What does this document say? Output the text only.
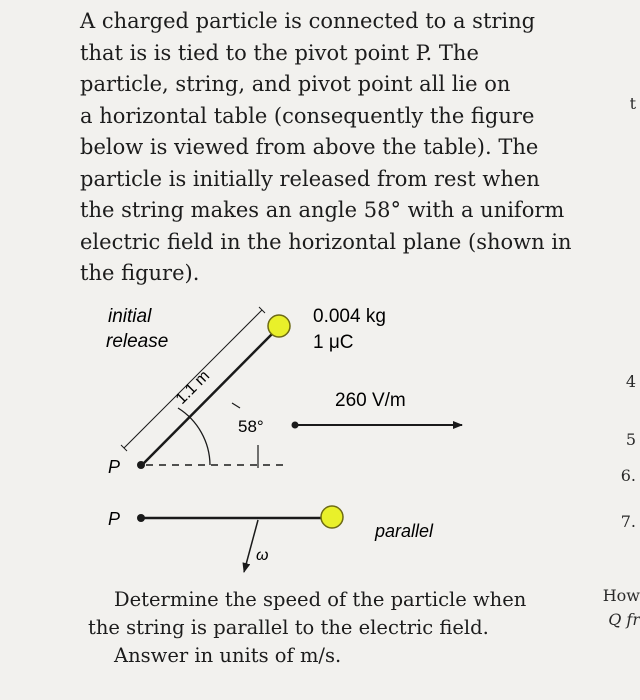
A charged particle is connected to a string
that is is tied to the pivot point P. The
particle, string, and pivot point all lie on
a horizontal table (consequently the figure
below is viewed from above the table). The
particle is initially released from rest when
the string makes an angle 58° with a uniform
electric field in the horizontal plane (shown in
the figure).
initial
release
0.004 kg
1 μC
1.1 m
58°
P
260 V/m
P
parallel
ω
Determine the speed of the particle when
the string is parallel to the electric field.
Answer in units of m/s.
t
4
5
6.
7.
How
Q fr
